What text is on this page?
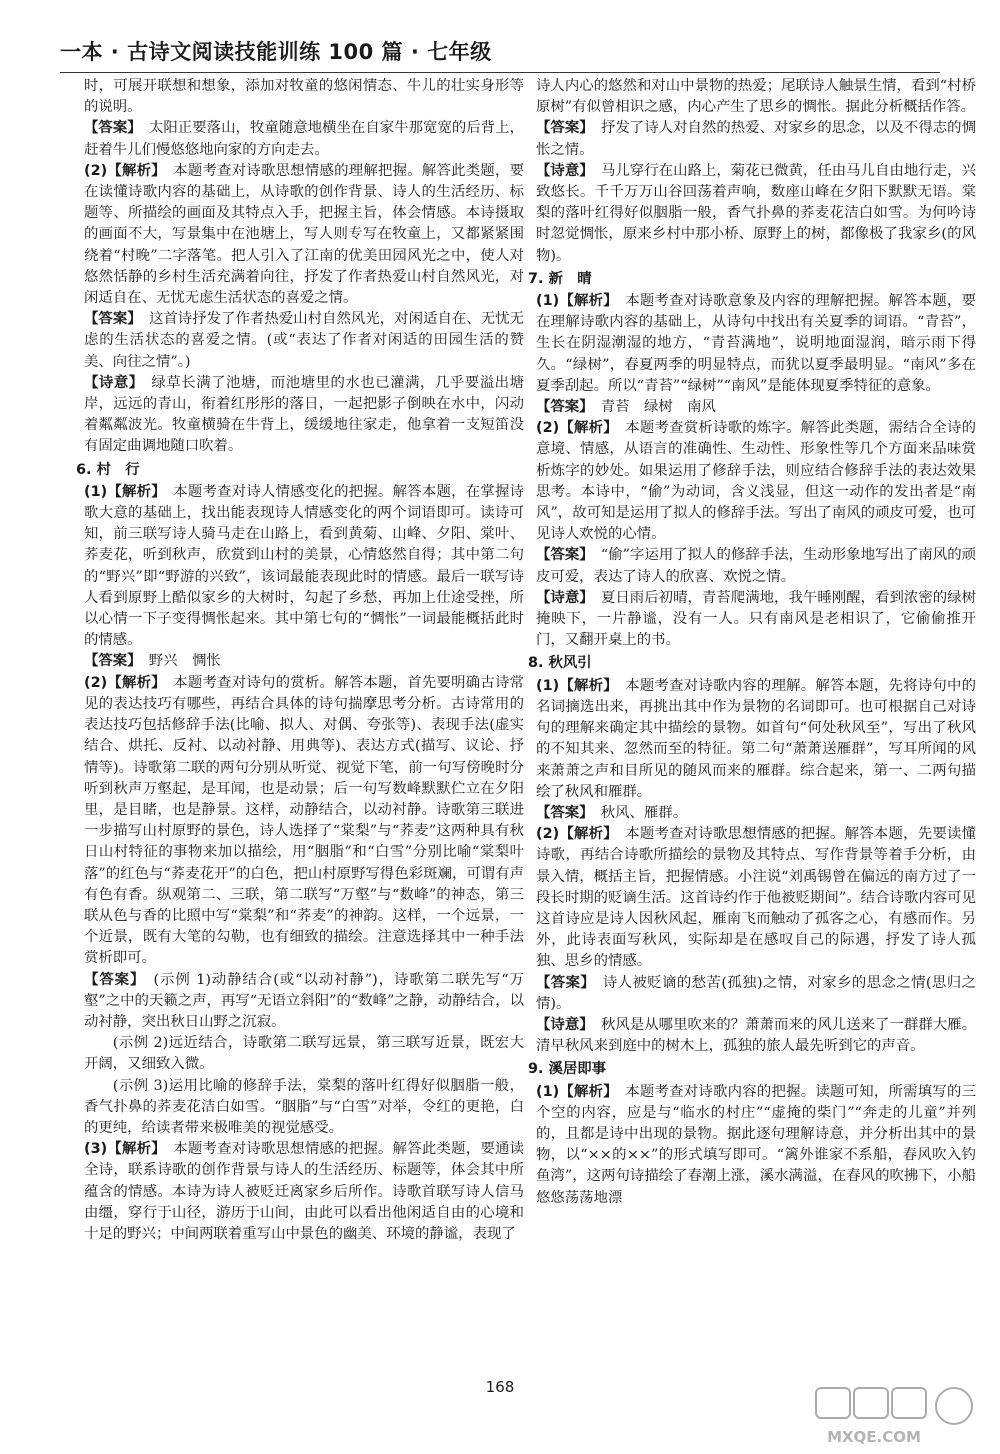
一本 · 古诗文阅读技能训练 100 篇 · 七年级

时，可展开联想和想象，添加对牧童的悠闲情态、牛儿的壮实身形等的说明。

【答案】　太阳正要落山，牧童随意地横坐在自家牛那宽宽的后背上，赶着牛儿们慢悠悠地向家的方向走去。

(2)【解析】　本题考查对诗歌思想情感的理解把握。解答此类题，要在读懂诗歌内容的基础上，从诗歌的创作背景、诗人的生活经历、标题等、所描绘的画面及其特点入手，把握主旨，体会情感。本诗摄取的画面不大，写景集中在池塘上，写人则专写在牧童上，又都紧紧围绕着“村晚”二字落笔。把人引入了江南的优美田园风光之中，使人对悠然恬静的乡村生活充满着向往，抒发了作者热爱山村自然风光，对闲适自在、无忧无虑生活状态的喜爱之情。

【答案】　这首诗抒发了作者热爱山村自然风光，对闲适自在、无忧无虑的生活状态的喜爱之情。(或“表达了作者对闲适的田园生活的赞美、向往之情”。)

【诗意】　绿草长满了池塘，而池塘里的水也已灌满，几乎要溢出塘岸，远远的青山，衔着红彤彤的落日，一起把影子倒映在水中，闪动着粼粼波光。牧童横骑在牛背上，缓缓地往家走，他拿着一支短笛没有固定曲调地随口吹着。

6. 村　行

(1)【解析】　本题考查对诗人情感变化的把握。解答本题，在掌握诗歌大意的基础上，找出能表现诗人情感变化的两个词语即可。读诗可知，前三联写诗人骑马走在山路上，看到黄菊、山峰、夕阳、棠叶、荞麦花，听到秋声，欣赏到山村的美景，心情悠然自得；其中第二句的“野兴”即“野游的兴致”，该词最能表现此时的情感。最后一联写诗人看到原野上酷似家乡的大树时，勾起了乡愁，再加上仕途受挫，所以心情一下子变得惆怅起来。其中第七句的“惆怅”一词最能概括此时的情感。

【答案】　野兴　惆怅

(2)【解析】　本题考查对诗句的赏析。解答本题，首先要明确古诗常见的表达技巧有哪些，再结合具体的诗句揣摩思考分析。古诗常用的表达技巧包括修辞手法(比喻、拟人、对偶、夸张等)、表现手法(虚实结合、烘托、反衬、以动衬静、用典等)、表达方式(描写、议论、抒情等)。诗歌第二联的两句分别从听觉、视觉下笔，前一句写傍晚时分听到秋声万壑起，是耳闻，也是动景；后一句写数峰默默伫立在夕阳里，是目睹，也是静景。这样，动静结合，以动衬静。诗歌第三联进一步描写山村原野的景色，诗人选择了“棠梨”与“荞麦”这两种具有秋日山村特征的事物来加以描绘，用“胭脂”和“白雪”分别比喻“棠梨叶落”的红色与“荞麦花开”的白色，把山村原野写得色彩斑斓，可谓有声有色有香。纵观第二、三联，第二联写“万壑”与“数峰”的神态，第三联从色与香的比照中写“棠梨”和“荞麦”的神韵。这样，一个远景，一个近景，既有大笔的勾勒，也有细致的描绘。注意选择其中一种手法赏析即可。

【答案】　(示例 1)动静结合(或“以动衬静”)，诗歌第二联先写“万壑”之中的天籁之声，再写“无语立斜阳”的“数峰”之静，动静结合，以动衬静，突出秋日山野之沉寂。

(示例 2)远近结合，诗歌第二联写远景，第三联写近景，既宏大开阔，又细致入微。

(示例 3)运用比喻的修辞手法，棠梨的落叶红得好似胭脂一般，香气扑鼻的荞麦花洁白如雪。“胭脂”与“白雪”对举，令红的更艳，白的更纯，给读者带来极唯美的视觉感受。

(3)【解析】　本题考查对诗歌思想情感的把握。解答此类题，要通读全诗，联系诗歌的创作背景与诗人的生活经历、标题等，体会其中所蕴含的情感。本诗为诗人被贬迁离家乡后所作。诗歌首联写诗人信马由缰，穿行于山径，游历于山间，由此可以看出他闲适自由的心境和十足的野兴；中间两联着重写山中景色的幽美、环境的静谧，表现了

诗人内心的悠然和对山中景物的热爱；尾联诗人触景生情，看到“村桥原树”有似曾相识之感，内心产生了思乡的惆怅。据此分析概括作答。

【答案】　抒发了诗人对自然的热爱、对家乡的思念，以及不得志的惆怅之情。

【诗意】　马儿穿行在山路上，菊花已微黄，任由马儿自由地行走，兴致悠长。千千万万山谷回荡着声响，数座山峰在夕阳下默默无语。棠梨的落叶红得好似胭脂一般，香气扑鼻的荞麦花洁白如雪。为何吟诗时忽觉惆怅，原来乡村中那小桥、原野上的树，都像极了我家乡(的风物)。

7. 新　晴

(1)【解析】　本题考查对诗歌意象及内容的理解把握。解答本题，要在理解诗歌内容的基础上，从诗句中找出有关夏季的词语。“青苔”，生长在阴湿潮湿的地方，“青苔满地”，说明地面湿润，暗示雨下得久。“绿树”，春夏两季的明显特点，而犹以夏季最明显。“南风”多在夏季刮起。所以“青苔”“绿树”“南风”是能体现夏季特征的意象。

【答案】　青苔　绿树　南风

(2)【解析】　本题考查赏析诗歌的炼字。解答此类题，需结合全诗的意境、情感，从语言的准确性、生动性、形象性等几个方面来品味赏析炼字的妙处。如果运用了修辞手法，则应结合修辞手法的表达效果思考。本诗中，“偷”为动词，含义浅显，但这一动作的发出者是“南风”，故可知是运用了拟人的修辞手法。写出了南风的顽皮可爱，也可见诗人欢悦的心情。

【答案】　“偷”字运用了拟人的修辞手法，生动形象地写出了南风的顽皮可爱，表达了诗人的欣喜、欢悦之情。

【诗意】　夏日雨后初晴，青苔爬满地，我午睡刚醒，看到浓密的绿树掩映下，一片静谧，没有一人。只有南风是老相识了，它偷偷推开门，又翻开桌上的书。

8. 秋风引

(1)【解析】　本题考查对诗歌内容的理解。解答本题，先将诗句中的名词摘选出来，再挑出其中作为景物的名词即可。也可根据自己对诗句的理解来确定其中描绘的景物。如首句“何处秋风至”，写出了秋风的不知其来、忽然而至的特征。第二句“萧萧送雁群”，写耳所闻的风来萧萧之声和目所见的随风而来的雁群。综合起来，第一、二两句描绘了秋风和雁群。

【答案】　秋风、雁群。

(2)【解析】　本题考查对诗歌思想情感的把握。解答本题，先要读懂诗歌，再结合诗歌所描绘的景物及其特点、写作背景等着手分析，由景入情，概括主旨，把握情感。小注说“刘禹锡曾在偏远的南方过了一段长时期的贬谪生活。这首诗约作于他被贬期间”。结合诗歌内容可见这首诗应是诗人因秋风起，雁南飞而触动了孤客之心，有感而作。另外，此诗表面写秋风，实际却是在感叹自己的际遇，抒发了诗人孤独、思乡的情感。

【答案】　诗人被贬谪的愁苦(孤独)之情，对家乡的思念之情(思归之情)。

【诗意】　秋风是从哪里吹来的？萧萧而来的风儿送来了一群群大雁。清早秋风来到庭中的树木上，孤独的旅人最先听到它的声音。

9. 溪居即事

(1)【解析】　本题考查对诗歌内容的把握。读题可知，所需填写的三个空的内容，应是与“临水的村庄”“虚掩的柴门”“奔走的儿童”并列的，且都是诗中出现的景物。据此逐句理解诗意，并分析出其中的景物，以“××的××”的形式填写即可。“篱外谁家不系船，春风吹入钓鱼湾”，这两句诗描绘了春潮上涨，溪水满溢，在春风的吹拂下，小船悠悠荡荡地漂

168
MXQE.COM
